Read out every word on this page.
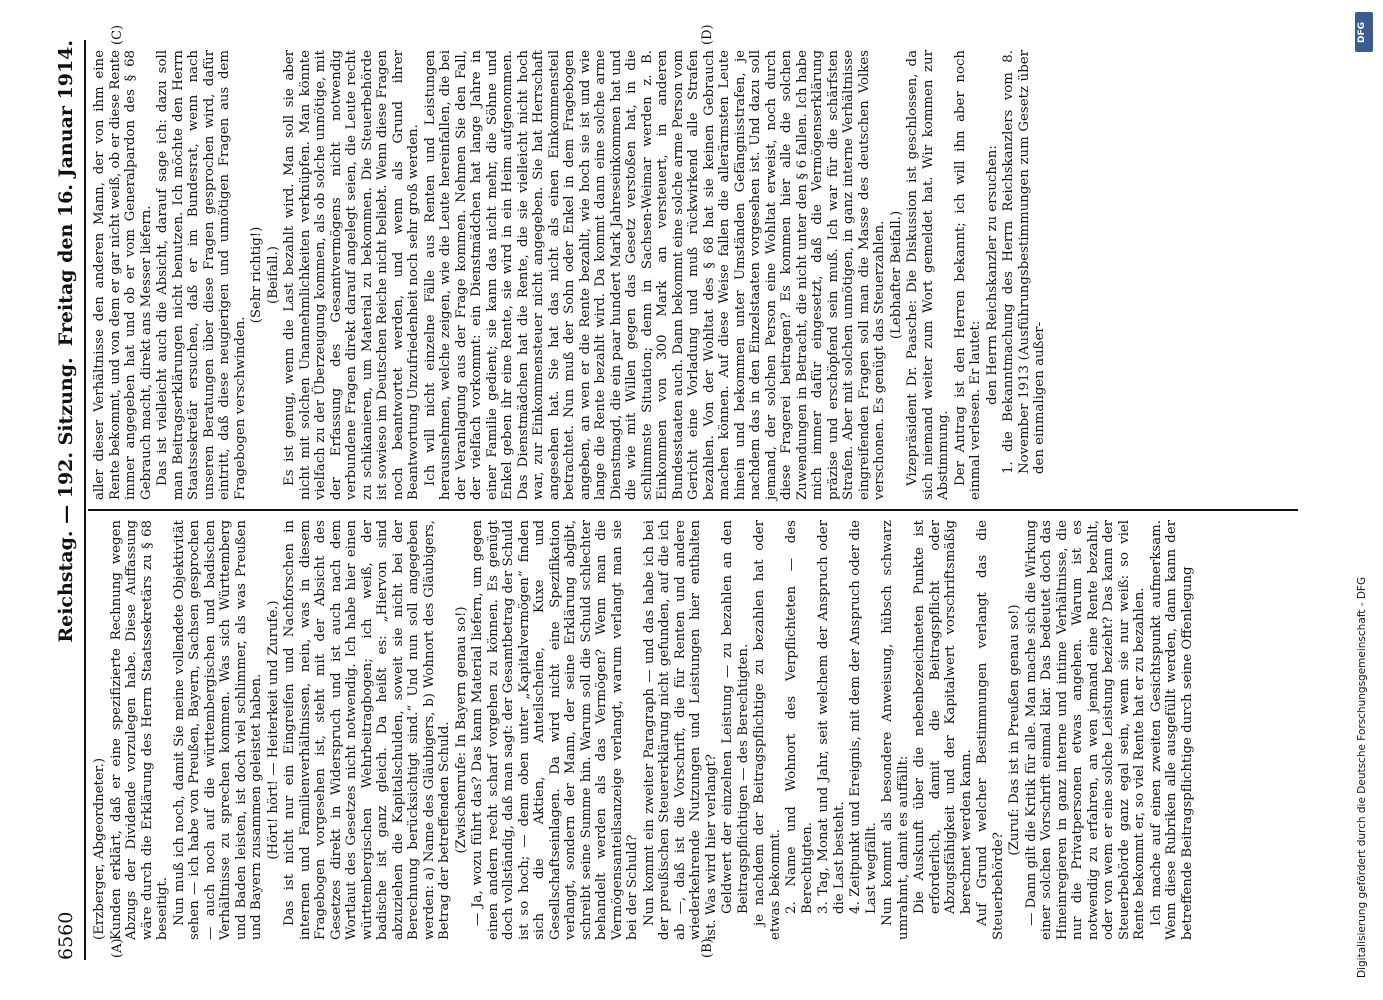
6560
Reichstag. — 192. Sitzung.
Freitag den 16. Januar 1914.
(A)	(B)
(C)	(D)

(Erzberger, Abgeordneter.) Kunden erklärt, daß er eine spezifizierte Rechnung wegen Abzugs der Dividende vorzulegen habe. Diese Auffassung wäre durch die Erklärung des Herrn Staatssekretärs zu § 68 beseitigt. Nun muß ich noch, damit Sie meine vollendete Objektivität sehen — ich habe von Preußen, Bayern, Sachsen gesprochen — auch noch auf die württembergischen und badischen Verhältnisse zu sprechen kommen. Was sich Württemberg und Baden leisten, ist doch viel schlimmer, als was Preußen und Bayern zusammen geleistet haben. (Hört! hört! — Heiterkeit und Zurufe.) Das ist nicht nur ein Eingreifen und Nachforschen in internen und Familienverhältnissen, nein, was in diesem Fragebogen vorgesehen ist, steht mit der Absicht des Gesetzes direkt in Widerspruch und ist auch nach dem Wortlaut des Gesetzes nicht notwendig. Ich habe hier einen württembergischen Wehrbeitragbogen; ich weiß, der badische ist ganz gleich. Da heißt es: „Hiervon sind abzuziehen die Kapitalschulden, soweit sie nicht bei der Berechnung berücksichtigt sind.“ Und nun soll angegeben werden: a) Name des Gläubigers, b) Wohnort des Gläubigers, Betrag der betreffenden Schuld. (Zwischenrufe: In Bayern genau so!) — Ja, wozu führt das? Das kann Material liefern, um gegen einen andern recht scharf vorgehen zu können. Es genügt doch vollständig, daß man sagt: der Gesamtbetrag der Schuld ist so hoch; — denn oben unter „Kapitalvermögen“ finden sich die Aktien, Anteilscheine, Kuxe und Gesellschaftseinlagen. Da wird nicht eine Spezifikation verlangt, sondern der Mann, der seine Erklärung abgibt, schreibt seine Summe hin. Warum soll die Schuld schlechter behandelt werden als das Vermögen? Wenn man die Vermögensanteilsanzeige verlangt, warum verlangt man sie bei der Schuld? Nun kommt ein zweiter Paragraph — und das habe ich bei der preußischen Steuererklärung nicht gefunden, auf die ich ab —, daß ist die Vorschrift, die für Renten und andere wiederkehrende Nutzungen und Leistungen hier enthalten ist. Was wird hier verlangt? Geldwert der einzelnen Leistung — zu bezahlen an den Beitragspflichtigen — des Berechtigten. je nachdem der Beitragspflichtige zu bezahlen hat oder etwas bekommt. 2. Name und Wohnort des Verpflichteten — des Berechtigten. 3. Tag, Monat und Jahr, seit welchem der Anspruch oder die Last besteht. 4. Zeitpunkt und Ereignis, mit dem der Anspruch oder die Last wegfällt. Nun kommt als besondere Anweisung, hübsch schwarz umrahmt, damit es auffällt: Die Auskunft über die nebenbezeichneten Punkte ist erforderlich, damit die Beitragspflicht oder Abzugsfähigkeit und der Kapitalwert vorschriftsmäßig berechnet werden kann. Auf Grund welcher Bestimmungen verlangt das die Steuerbehörde?

(Zuruf: Das ist in Preußen genau so!) — Dann gilt die Kritik für alle. Man mache sich die Wirkung einer solchen Vorschrift einmal klar. Das bedeutet doch das Hineinregieren in ganz interne und intime Verhältnisse, die nur die Privatpersonen etwas angehen. Warum ist es notwendig zu erfahren, an wen jemand eine Rente bezahlt, oder von wem er eine solche Leistung bezieht? Das kann der Steuerbehörde ganz egal sein, wenn sie nur weiß: so viel Rente bekommt er, so viel Rente hat er zu bezahlen. Ich mache auf einen zweiten Gesichtspunkt aufmerksam. Wenn diese Rubriken alle ausgefüllt werden, dann kann der betreffende Beitragspflichtige durch seine Offenlegung

aller dieser Verhältnisse den anderen Mann, der von ihm eine Rente bekommt, und von dem er gar nicht weiß, ob er diese Rente immer angegeben hat und ob er vom Generalpardon des § 68 Gebrauch macht, direkt ans Messer liefern. Das ist vielleicht auch die Absicht, darauf sage ich: dazu soll man Beitragserklärungen nicht benutzen. Ich möchte den Herrn Staatssekretär ersuchen, daß er im Bundesrat, wenn nach unseren Beratungen über diese Fragen gesprochen wird, dafür eintritt, daß diese neugierigen und unnötigen Fragen aus dem Fragebogen verschwinden.

(Sehr richtig!) (Beifall.) Es ist genug, wenn die Last bezahlt wird. Man soll sie aber nicht mit solchen Unannehmlichkeiten verknüpfen. Man könnte vielfach zu der Überzeugung kommen, als ob solche unnötige, mit der Erfassung des Gesamtvermögens nicht notwendig verbundene Fragen direkt darauf angelegt seien, die Leute recht zu schikanieren, um Material zu bekommen. Die Steuerbehörde ist sowieso im Deutschen Reiche nicht beliebt. Wenn diese Fragen noch beantwortet werden, und wenn als Grund ihrer Beantwortung Unzufriedenheit noch sehr groß werden. Ich will nicht einzelne Fälle aus Renten und Leistungen herausnehmen, welche zeigen, wie die Leute hereinfallen, die bei der Veranlagung aus der Frage kommen. Nehmen Sie den Fall, der vielfach vorkommt: ein Dienstmädchen hat lange Jahre in einer Familie gedient; sie kann das nicht mehr, die Söhne und Enkel geben ihr eine Rente, sie wird in ein Heim aufgenommen. Das Dienstmädchen hat die Rente, die sie vielleicht nicht hoch war, zur Einkommensteuer nicht angegeben. Sie hat Herrschaft angesehen hat. Sie hat das nicht als einen Einkommensteil betrachtet. Nun muß der Sohn oder Enkel in dem Fragebogen angeben, an wen er die Rente bezahlt, wie hoch sie ist und wie lange die Rente bezahlt wird. Da kommt dann eine solche arme Dienstmagd, die ein paar hundert Mark Jahreseinkommen hat und die wie mit Willen gegen das Gesetz verstoßen hat, in die schlimmste Situation; denn in Sachsen-Weimar werden z. B. Einkommen von 300 Mark an versteuert, in anderen Bundesstaaten auch. Dann bekommt eine solche arme Person vom Gericht eine Vorladung und muß rückwirkend alle Strafen bezahlen. Von der Wohltat des § 68 hat sie keinen Gebrauch machen können. Auf diese Weise fallen die allerärmsten Leute hinein und bekommen unter Umständen Gefängnisstrafen, je nachdem das in den Einzelstaaten vorgesehen ist. Und dazu soll jemand, der solchen Person eine Wohltat erweist, noch durch diese Fragerei beitragen? Es kommen hier alle die solchen Zuwendungen in Betracht, die nicht unter den § 6 fallen. Ich habe mich immer dafür eingesetzt, daß die Vermögenserklärung präzise und erschöpfend sein muß. Ich war für die schärfsten Strafen. Aber mit solchen unnötigen, in ganz interne Verhältnisse eingreifenden Fragen soll man die Masse des deutschen Volkes verschonen. Es genügt das Steuerzahlen. (Lebhafter Beifall.) Vizepräsident Dr. Paasche: Die Diskussion ist geschlossen, da sich niemand weiter zum Wort gemeldet hat. Wir kommen zur Abstimmung. Der Antrag ist den Herren bekannt; ich will ihn aber noch einmal verlesen. Er lautet:

den Herrn Reichskanzler zu ersuchen: 1. die Bekanntmachung des Herrn Reichskanzlers vom 8. November 1913 (Ausführungsbestimmungen zum Gesetz über den einmaligen außer-

DFG
Digitalisierung gefördert durch die Deutsche Forschungsgemeinschaft - DFG
